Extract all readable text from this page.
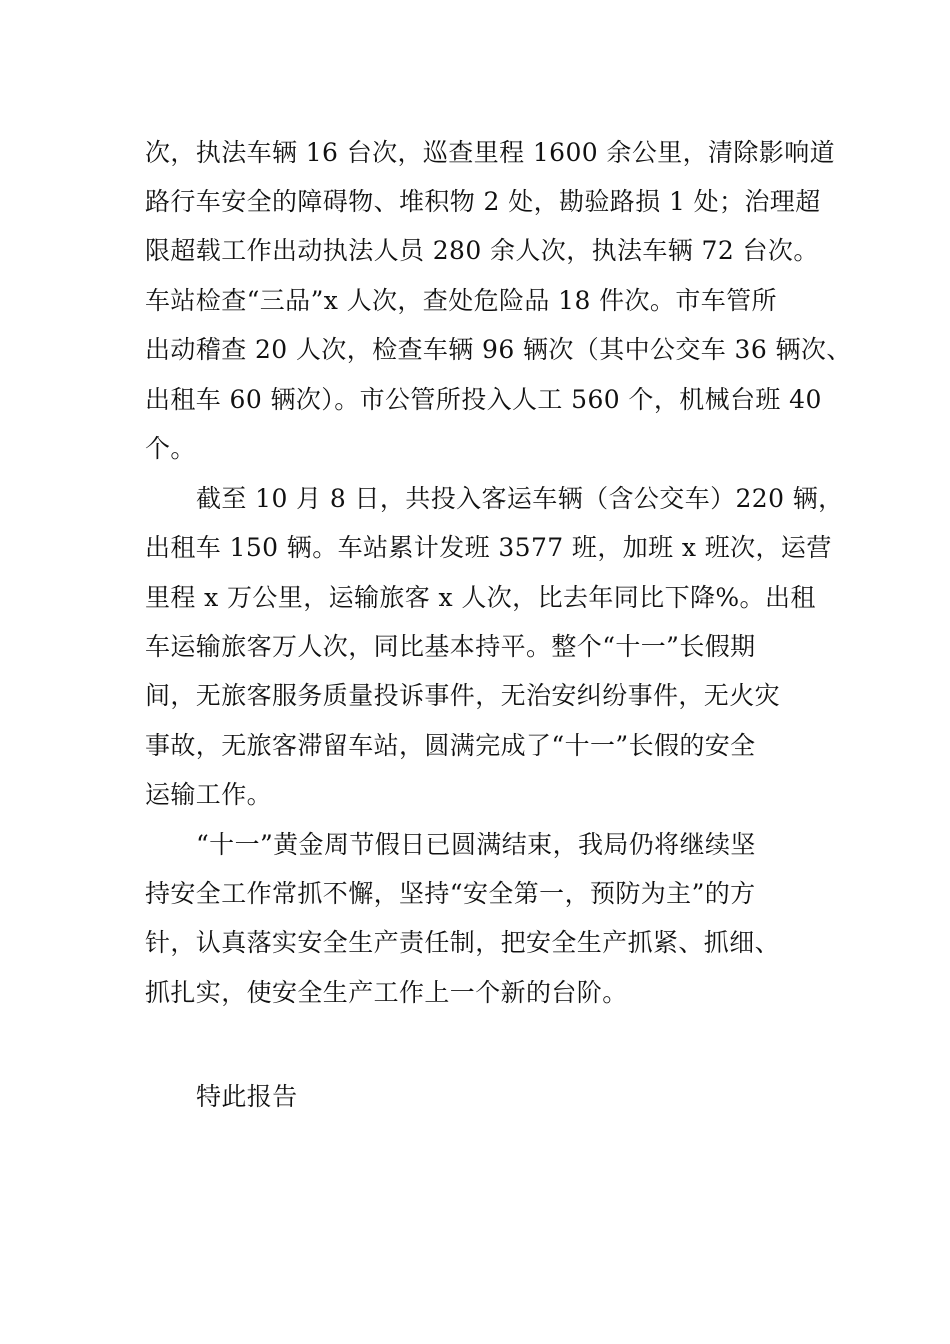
次，执法车辆 16 台次，巡查里程 1600 余公里，清除影响道
路行车安全的障碍物、堆积物 2 处，勘验路损 1 处；治理超
限超载工作出动执法人员 280 余人次，执法车辆 72 台次。
车站检查“三品”x 人次，查处危险品 18 件次。市车管所
出动稽查 20 人次，检查车辆 96 辆次（其中公交车 36 辆次、
出租车 60 辆次）。市公管所投入人工 560 个，机械台班 40
个。
截至 10 月 8 日，共投入客运车辆（含公交车）220 辆，
出租车 150 辆。车站累计发班 3577 班，加班 x 班次，运营
里程 x 万公里，运输旅客 x 人次，比去年同比下降%。出租
车运输旅客万人次，同比基本持平。整个“十一”长假期
间，无旅客服务质量投诉事件，无治安纠纷事件，无火灾
事故，无旅客滞留车站，圆满完成了“十一”长假的安全
运输工作。
“十一”黄金周节假日已圆满结束，我局仍将继续坚
持安全工作常抓不懈，坚持“安全第一，预防为主”的方
针，认真落实安全生产责任制，把安全生产抓紧、抓细、
抓扎实，使安全生产工作上一个新的台阶。
特此报告
